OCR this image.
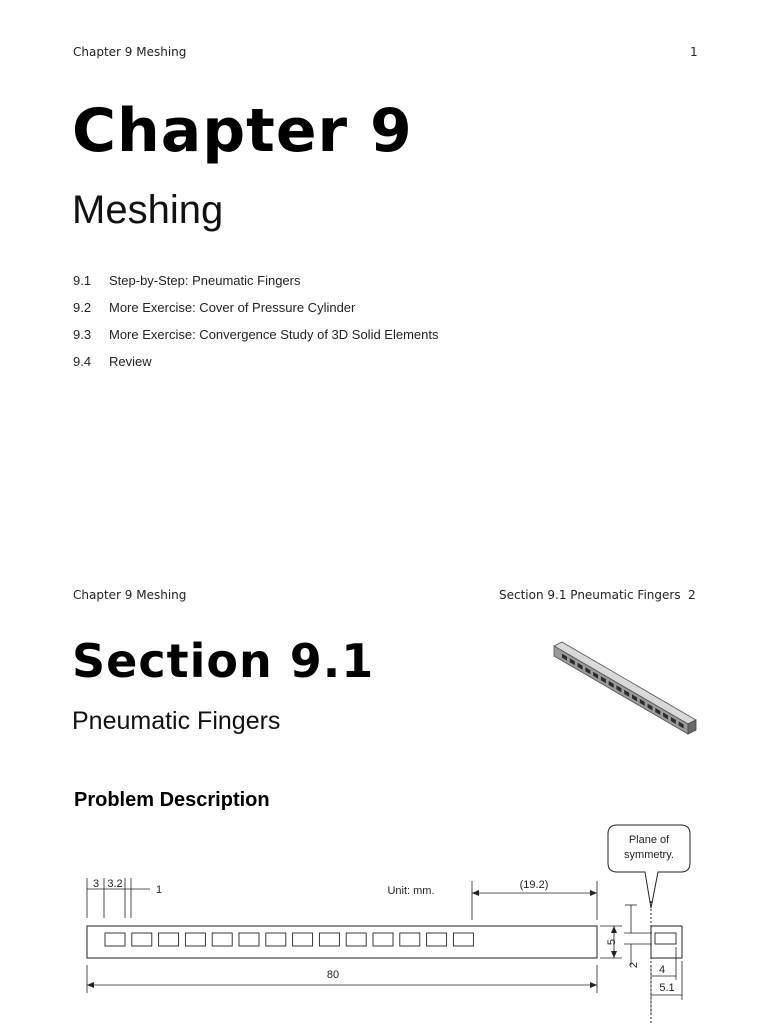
Chapter 9 Meshing	1
Chapter 9
Meshing
9.1 Step-by-Step: Pneumatic Fingers
9.2 More Exercise: Cover of Pressure Cylinder
9.3 More Exercise: Convergence Study of 3D Solid Elements
9.4 Review
Chapter 9 Meshing	Section 9.1 Pneumatic Fingers 2
Section 9.1
Pneumatic Fingers
Problem Description
Plane of
symmetry.
3 3.2	1	Unit: mm.	(19.2)
80
5
2 4
5.1
